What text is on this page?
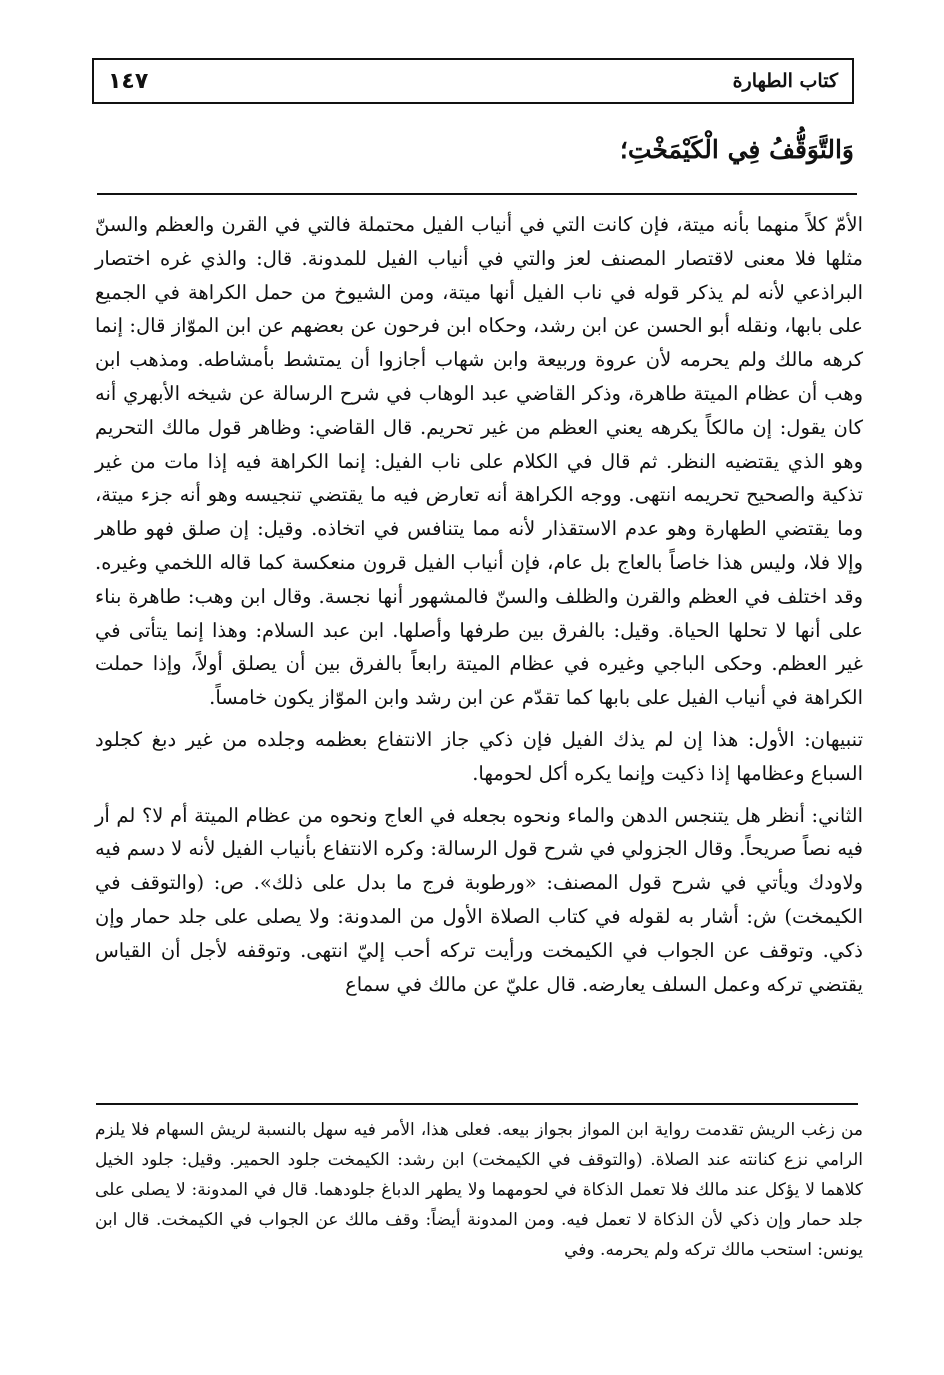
كتاب الطهارة
١٤٧
وَالتَّوَقُّفُ فِي الْكَيْمَخْتِ؛

الأمّ كلاً منهما بأنه ميتة، فإن كانت التي في أنياب الفيل محتملة فالتي في القرن والعظم والسنّ مثلها فلا معنى لاقتصار المصنف لعز والتي في أنياب الفيل للمدونة. قال: والذي غره اختصار البراذعي لأنه لم يذكر قوله في ناب الفيل أنها ميتة، ومن الشيوخ من حمل الكراهة في الجميع على بابها، ونقله أبو الحسن عن ابن رشد، وحكاه ابن فرحون عن بعضهم عن ابن الموّاز قال: إنما كرهه مالك ولم يحرمه لأن عروة وربيعة وابن شهاب أجازوا أن يمتشط بأمشاطه. ومذهب ابن وهب أن عظام الميتة طاهرة، وذكر القاضي عبد الوهاب في شرح الرسالة عن شيخه الأبهري أنه كان يقول: إن مالكاً يكرهه يعني العظم من غير تحريم. قال القاضي: وظاهر قول مالك التحريم وهو الذي يقتضيه النظر. ثم قال في الكلام على ناب الفيل: إنما الكراهة فيه إذا مات من غير تذكية والصحيح تحريمه انتهى. ووجه الكراهة أنه تعارض فيه ما يقتضي تنجيسه وهو أنه جزء ميتة، وما يقتضي الطهارة وهو عدم الاستقذار لأنه مما يتنافس في اتخاذه. وقيل: إن صلق فهو طاهر وإلا فلا، وليس هذا خاصاً بالعاج بل عام، فإن أنياب الفيل قرون منعكسة كما قاله اللخمي وغيره. وقد اختلف في العظم والقرن والظلف والسنّ فالمشهور أنها نجسة. وقال ابن وهب: طاهرة بناء على أنها لا تحلها الحياة. وقيل: بالفرق بين طرفها وأصلها. ابن عبد السلام: وهذا إنما يتأتى في غير العظم. وحكى الباجي وغيره في عظام الميتة رابعاً بالفرق بين أن يصلق أولاً، وإذا حملت الكراهة في أنياب الفيل على بابها كما تقدّم عن ابن رشد وابن الموّاز يكون خامساً.

تنبيهان: الأول: هذا إن لم يذك الفيل فإن ذكي جاز الانتفاع بعظمه وجلده من غير دبغ كجلود السباع وعظامها إذا ذكيت وإنما يكره أكل لحومها.

الثاني: أنظر هل يتنجس الدهن والماء ونحوه بجعله في العاج ونحوه من عظام الميتة أم لا؟ لم أر فيه نصاً صريحاً. وقال الجزولي في شرح قول الرسالة: وكره الانتفاع بأنياب الفيل لأنه لا دسم فيه ولاودك ويأتي في شرح قول المصنف: «ورطوبة فرج ما بدل على ذلك». ص: (والتوقف في الكيمخت) ش: أشار به لقوله في كتاب الصلاة الأول من المدونة: ولا يصلى على جلد حمار وإن ذكي. وتوقف عن الجواب في الكيمخت ورأيت تركه أحب إليّ انتهى. وتوقفه لأجل أن القياس يقتضي تركه وعمل السلف يعارضه. قال عليّ عن مالك في سماع

من زغب الريش تقدمت رواية ابن المواز بجواز بيعه. فعلى هذا، الأمر فيه سهل بالنسبة لريش السهام فلا يلزم الرامي نزع كنانته عند الصلاة. (والتوقف في الكيمخت) ابن رشد: الكيمخت جلود الحمير. وقيل: جلود الخيل كلاهما لا يؤكل عند مالك فلا تعمل الذكاة في لحومهما ولا يطهر الدباغ جلودهما. قال في المدونة: لا يصلى على جلد حمار وإن ذكي لأن الذكاة لا تعمل فيه. ومن المدونة أيضاً: وقف مالك عن الجواب في الكيمخت. قال ابن يونس: استحب مالك تركه ولم يحرمه. وفي
